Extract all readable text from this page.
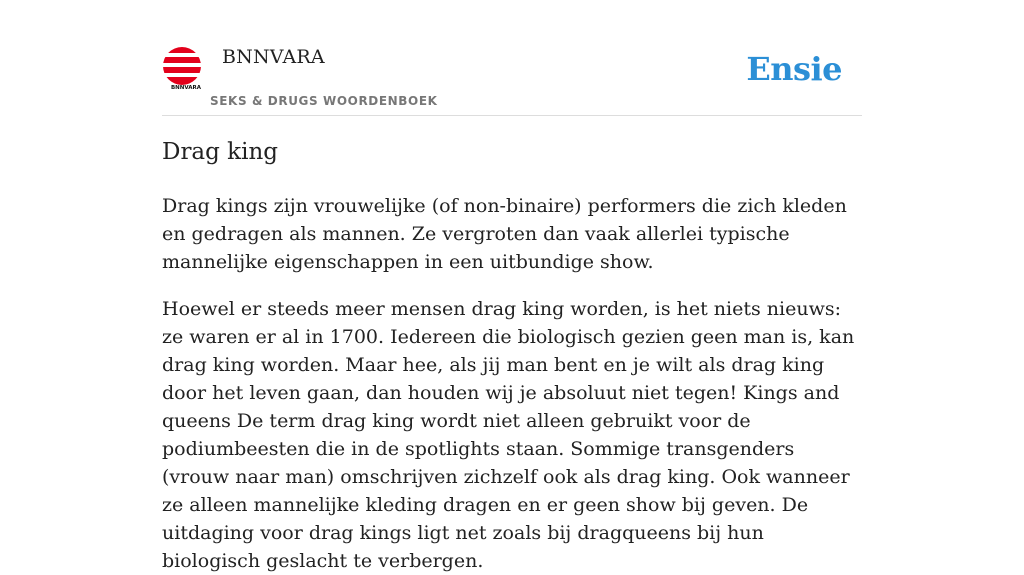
BNNVARA
BNNVARA
SEKS & DRUGS WOORDENBOEK
Ensie
Drag king

Drag kings zijn vrouwelijke (of non-binaire) performers die zich kleden en gedragen als mannen. Ze vergroten dan vaak allerlei typische mannelijke eigenschappen in een uitbundige show.

Hoewel er steeds meer mensen drag king worden, is het niets nieuws: ze waren er al in 1700. Iedereen die biologisch gezien geen man is, kan drag king worden. Maar hee, als jij man bent en je wilt als drag king door het leven gaan, dan houden wij je absoluut niet tegen! Kings and queens De term drag king wordt niet alleen gebruikt voor de podiumbeesten die in de spotlights staan. Sommige transgenders (vrouw naar man) omschrijven zichzelf ook als drag king. Ook wanneer ze alleen mannelijke kleding dragen en er geen show bij geven. De uitdaging voor drag kings ligt net zoals bij dragqueens bij hun biologisch geslacht te verbergen.
